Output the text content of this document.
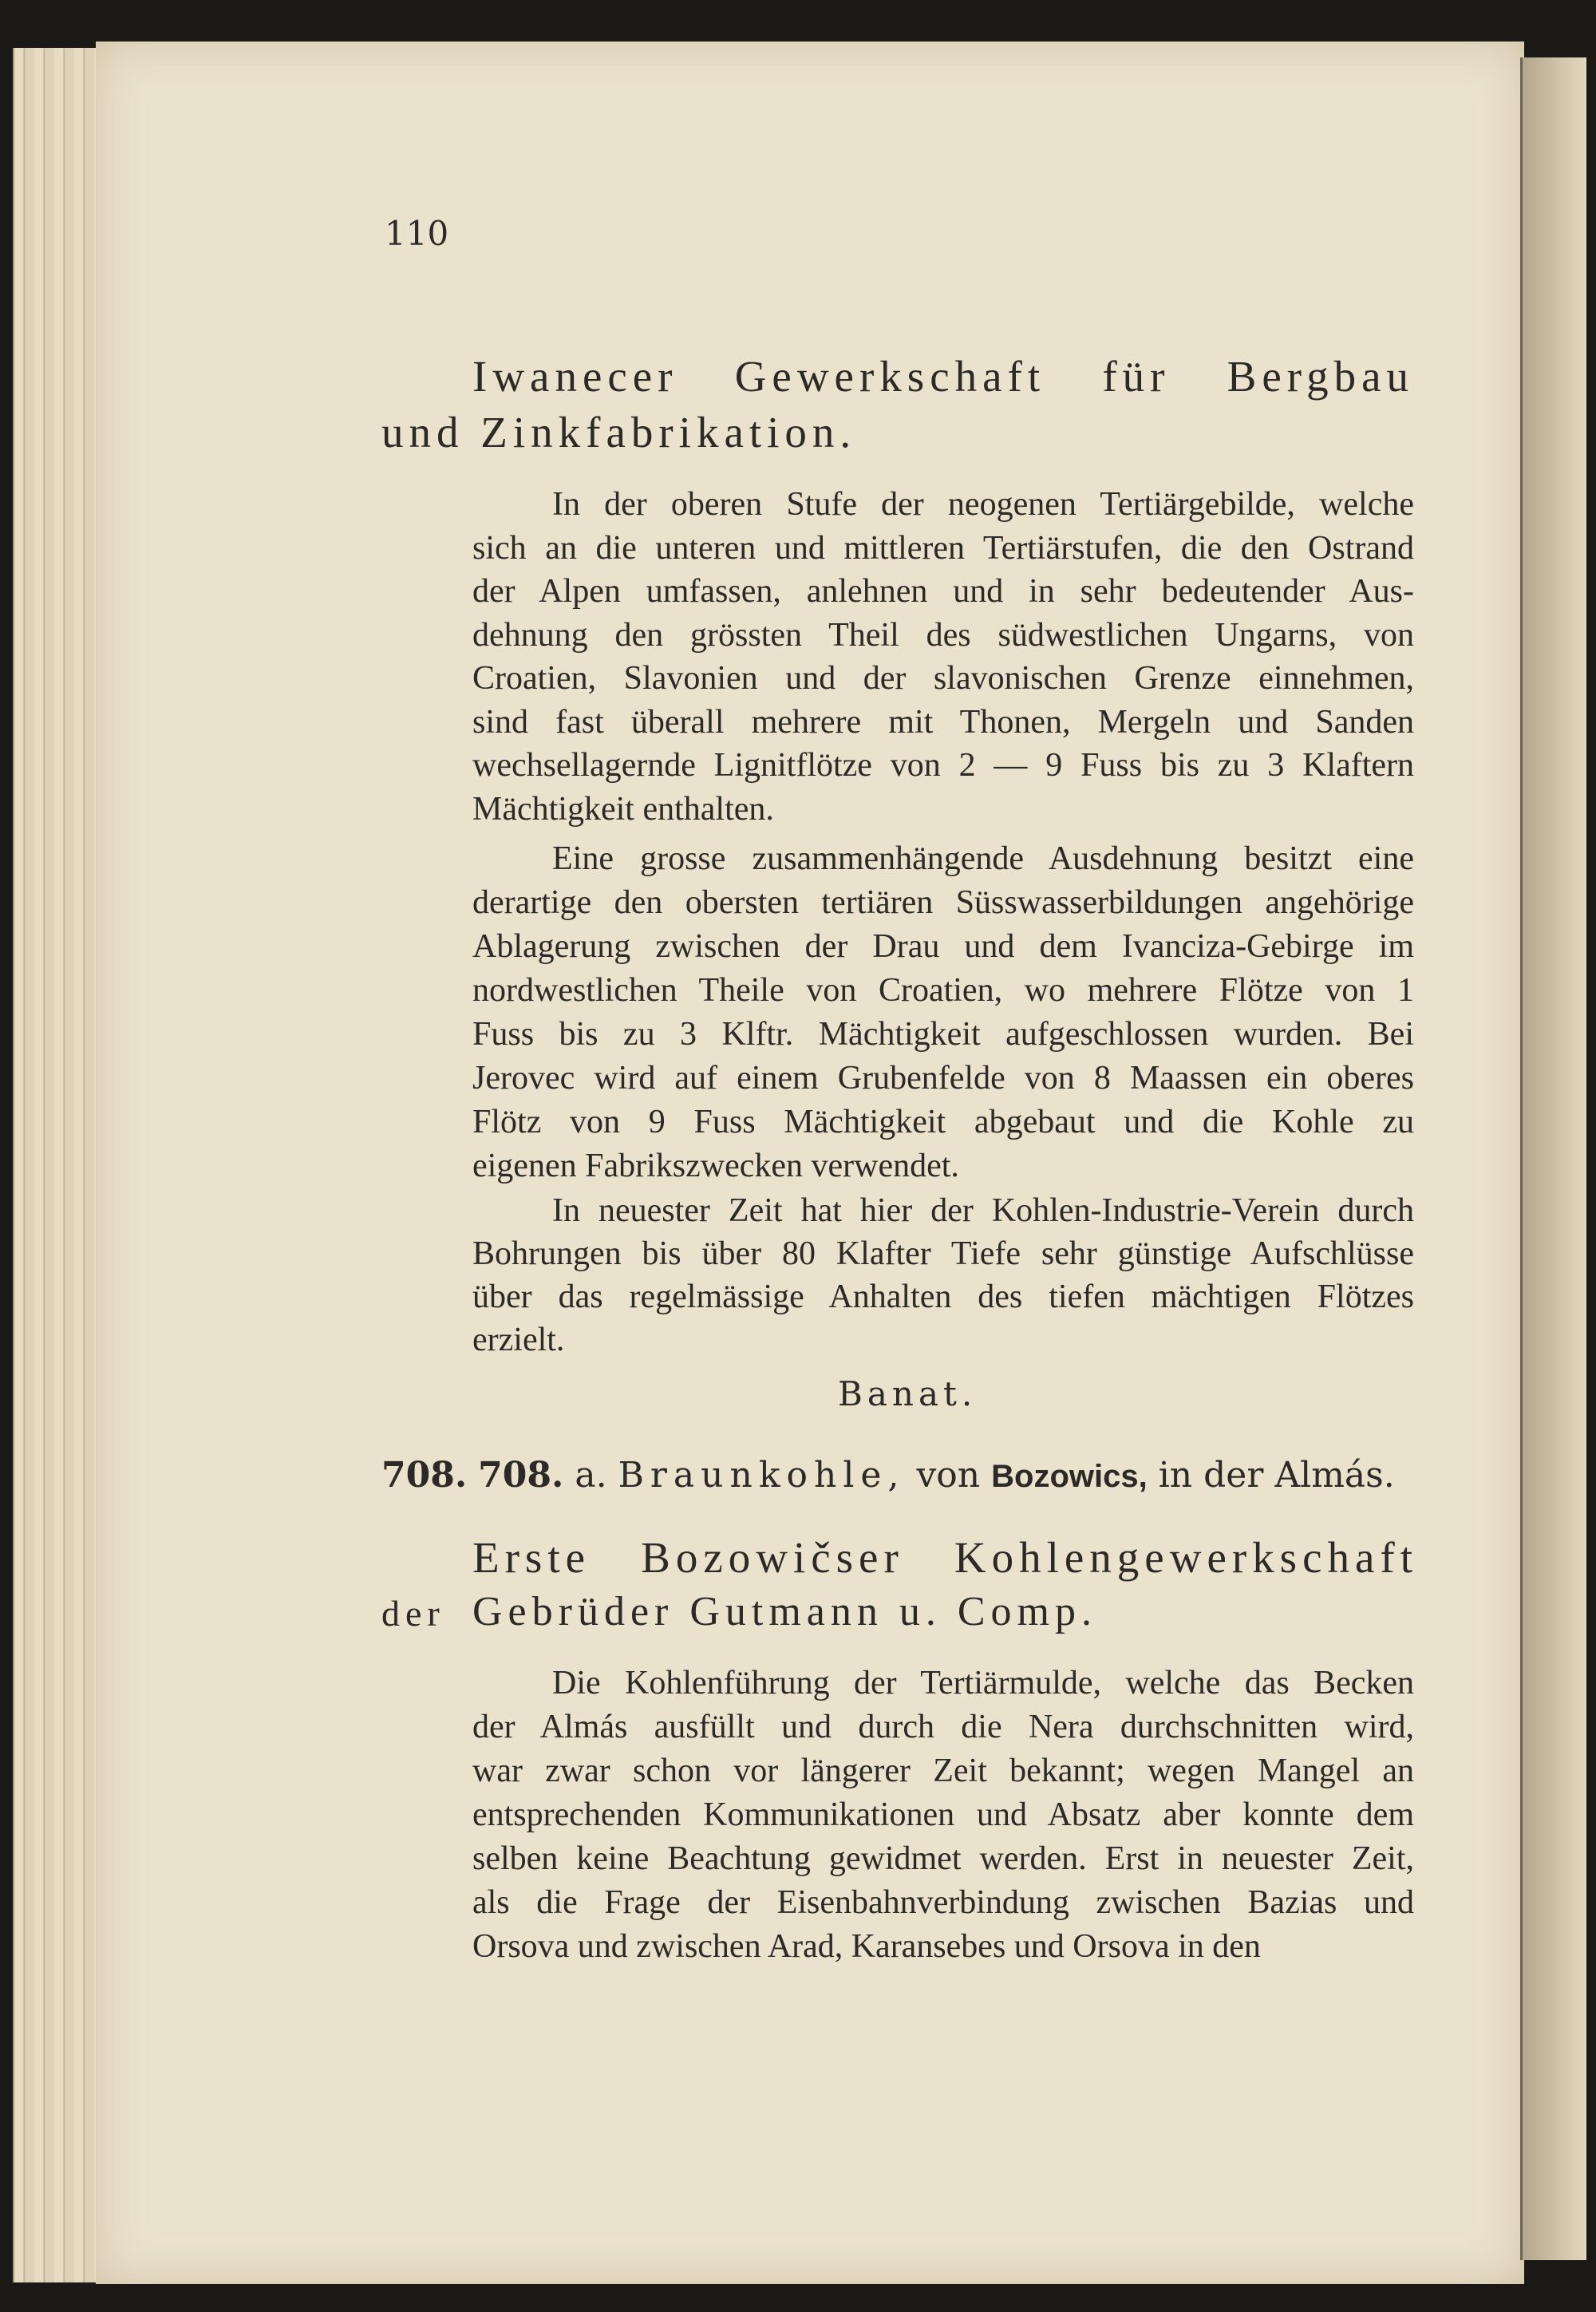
110
Iwanecer Gewerkschaft für Bergbau
und Zinkfabrikation.
In der oberen Stufe der neogenen Tertiärgebilde, welche
sich an die unteren und mittleren Tertiärstufen, die den Ostrand
der Alpen umfassen, anlehnen und in sehr bedeutender Aus-
dehnung den grössten Theil des südwestlichen Ungarns, von
Croatien, Slavonien und der slavonischen Grenze einnehmen,
sind fast überall mehrere mit Thonen, Mergeln und Sanden
wechsellagernde Lignitflötze von 2 — 9 Fuss bis zu 3 Klaftern
Mächtigkeit enthalten.
Eine grosse zusammenhängende Ausdehnung besitzt eine
derartige den obersten tertiären Süsswasserbildungen angehörige
Ablagerung zwischen der Drau und dem Ivanciza-Gebirge im
nordwestlichen Theile von Croatien, wo mehrere Flötze von 1
Fuss bis zu 3 Klftr. Mächtigkeit aufgeschlossen wurden. Bei
Jerovec wird auf einem Grubenfelde von 8 Maassen ein oberes
Flötz von 9 Fuss Mächtigkeit abgebaut und die Kohle zu
eigenen Fabrikszwecken verwendet.
In neuester Zeit hat hier der Kohlen-Industrie-Verein durch
Bohrungen bis über 80 Klafter Tiefe sehr günstige Aufschlüsse
über das regelmässige Anhalten des tiefen mächtigen Flötzes
erzielt.
Banat.
708. 708. a. Braunkohle, von Bozowics, in der Almás.
Erste Bozowičser Kohlengewerkschaft
der Gebrüder Gutmann u. Comp.
Die Kohlenführung der Tertiärmulde, welche das Becken
der Almás ausfüllt und durch die Nera durchschnitten wird,
war zwar schon vor längerer Zeit bekannt; wegen Mangel an
entsprechenden Kommunikationen und Absatz aber konnte dem
selben keine Beachtung gewidmet werden. Erst in neuester Zeit,
als die Frage der Eisenbahnverbindung zwischen Bazias und
Orsova und zwischen Arad, Karansebes und Orsova in den
